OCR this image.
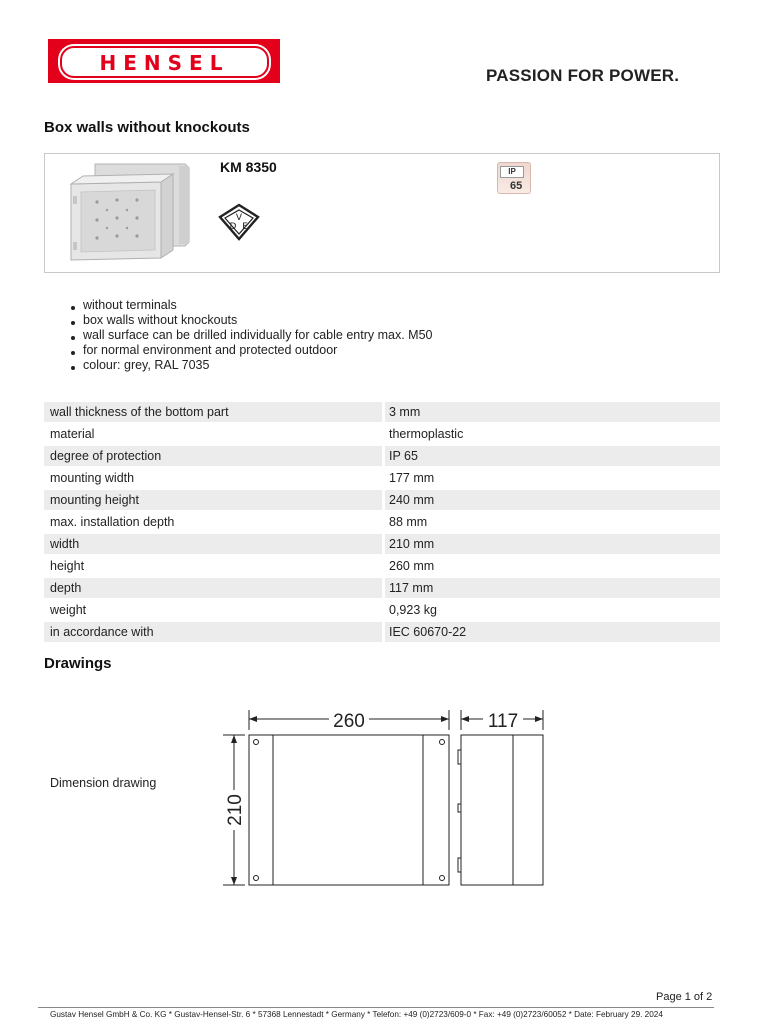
HENSEL
PASSION FOR POWER.
Box walls without knockouts
KM 8350
V
D E
IP
65
without terminals
box walls without knockouts
wall surface can be drilled individually for cable entry max. M50
for normal environment and protected outdoor
colour: grey, RAL 7035
wall thickness of the bottom part	3 mm
material	thermoplastic
degree of protection	IP 65
mounting width	177 mm
mounting height	240 mm
max. installation depth	88 mm
width	210 mm
height	260 mm
depth	117 mm
weight	0,923 kg
in accordance with	IEC 60670-22
Drawings
Dimension drawing
260	117
210
Page 1 of 2
Gustav Hensel GmbH & Co. KG * Gustav-Hensel-Str. 6 * 57368 Lennestadt * Germany * Telefon: +49 (0)2723/609-0 * Fax: +49 (0)2723/60052 * Date: February 29. 2024
